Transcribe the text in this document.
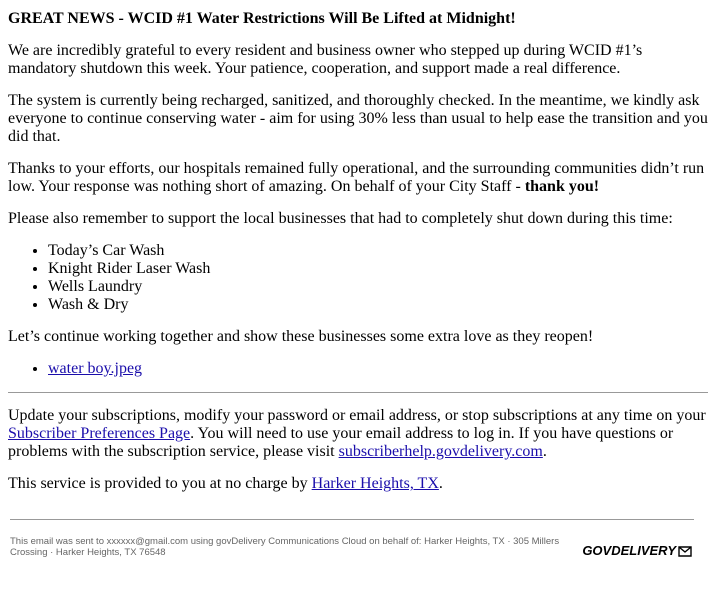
GREAT NEWS - WCID #1 Water Restrictions Will Be Lifted at Midnight!

We are incredibly grateful to every resident and business owner who stepped up during WCID #1’s mandatory shutdown this week. Your patience, cooperation, and support made a real difference.

The system is currently being recharged, sanitized, and thoroughly checked. In the meantime, we kindly ask everyone to continue conserving water - aim for using 30% less than usual to help ease the transition and you did that.

Thanks to your efforts, our hospitals remained fully operational, and the surrounding communities didn’t run low. Your response was nothing short of amazing. On behalf of your City Staff - thank you!

Please also remember to support the local businesses that had to completely shut down during this time:

• Today’s Car Wash
• Knight Rider Laser Wash
• Wells Laundry
• Wash & Dry

Let’s continue working together and show these businesses some extra love as they reopen!

• water boy.jpeg

Update your subscriptions, modify your password or email address, or stop subscriptions at any time on your Subscriber Preferences Page. You will need to use your email address to log in. If you have questions or problems with the subscription service, please visit subscriberhelp.govdelivery.com.

This service is provided to you at no charge by Harker Heights, TX.

This email was sent to xxxxxx@gmail.com using govDelivery Communications Cloud on behalf of: Harker Heights, TX · 305 Millers Crossing · Harker Heights, TX 76548	GOVDELIVERY
